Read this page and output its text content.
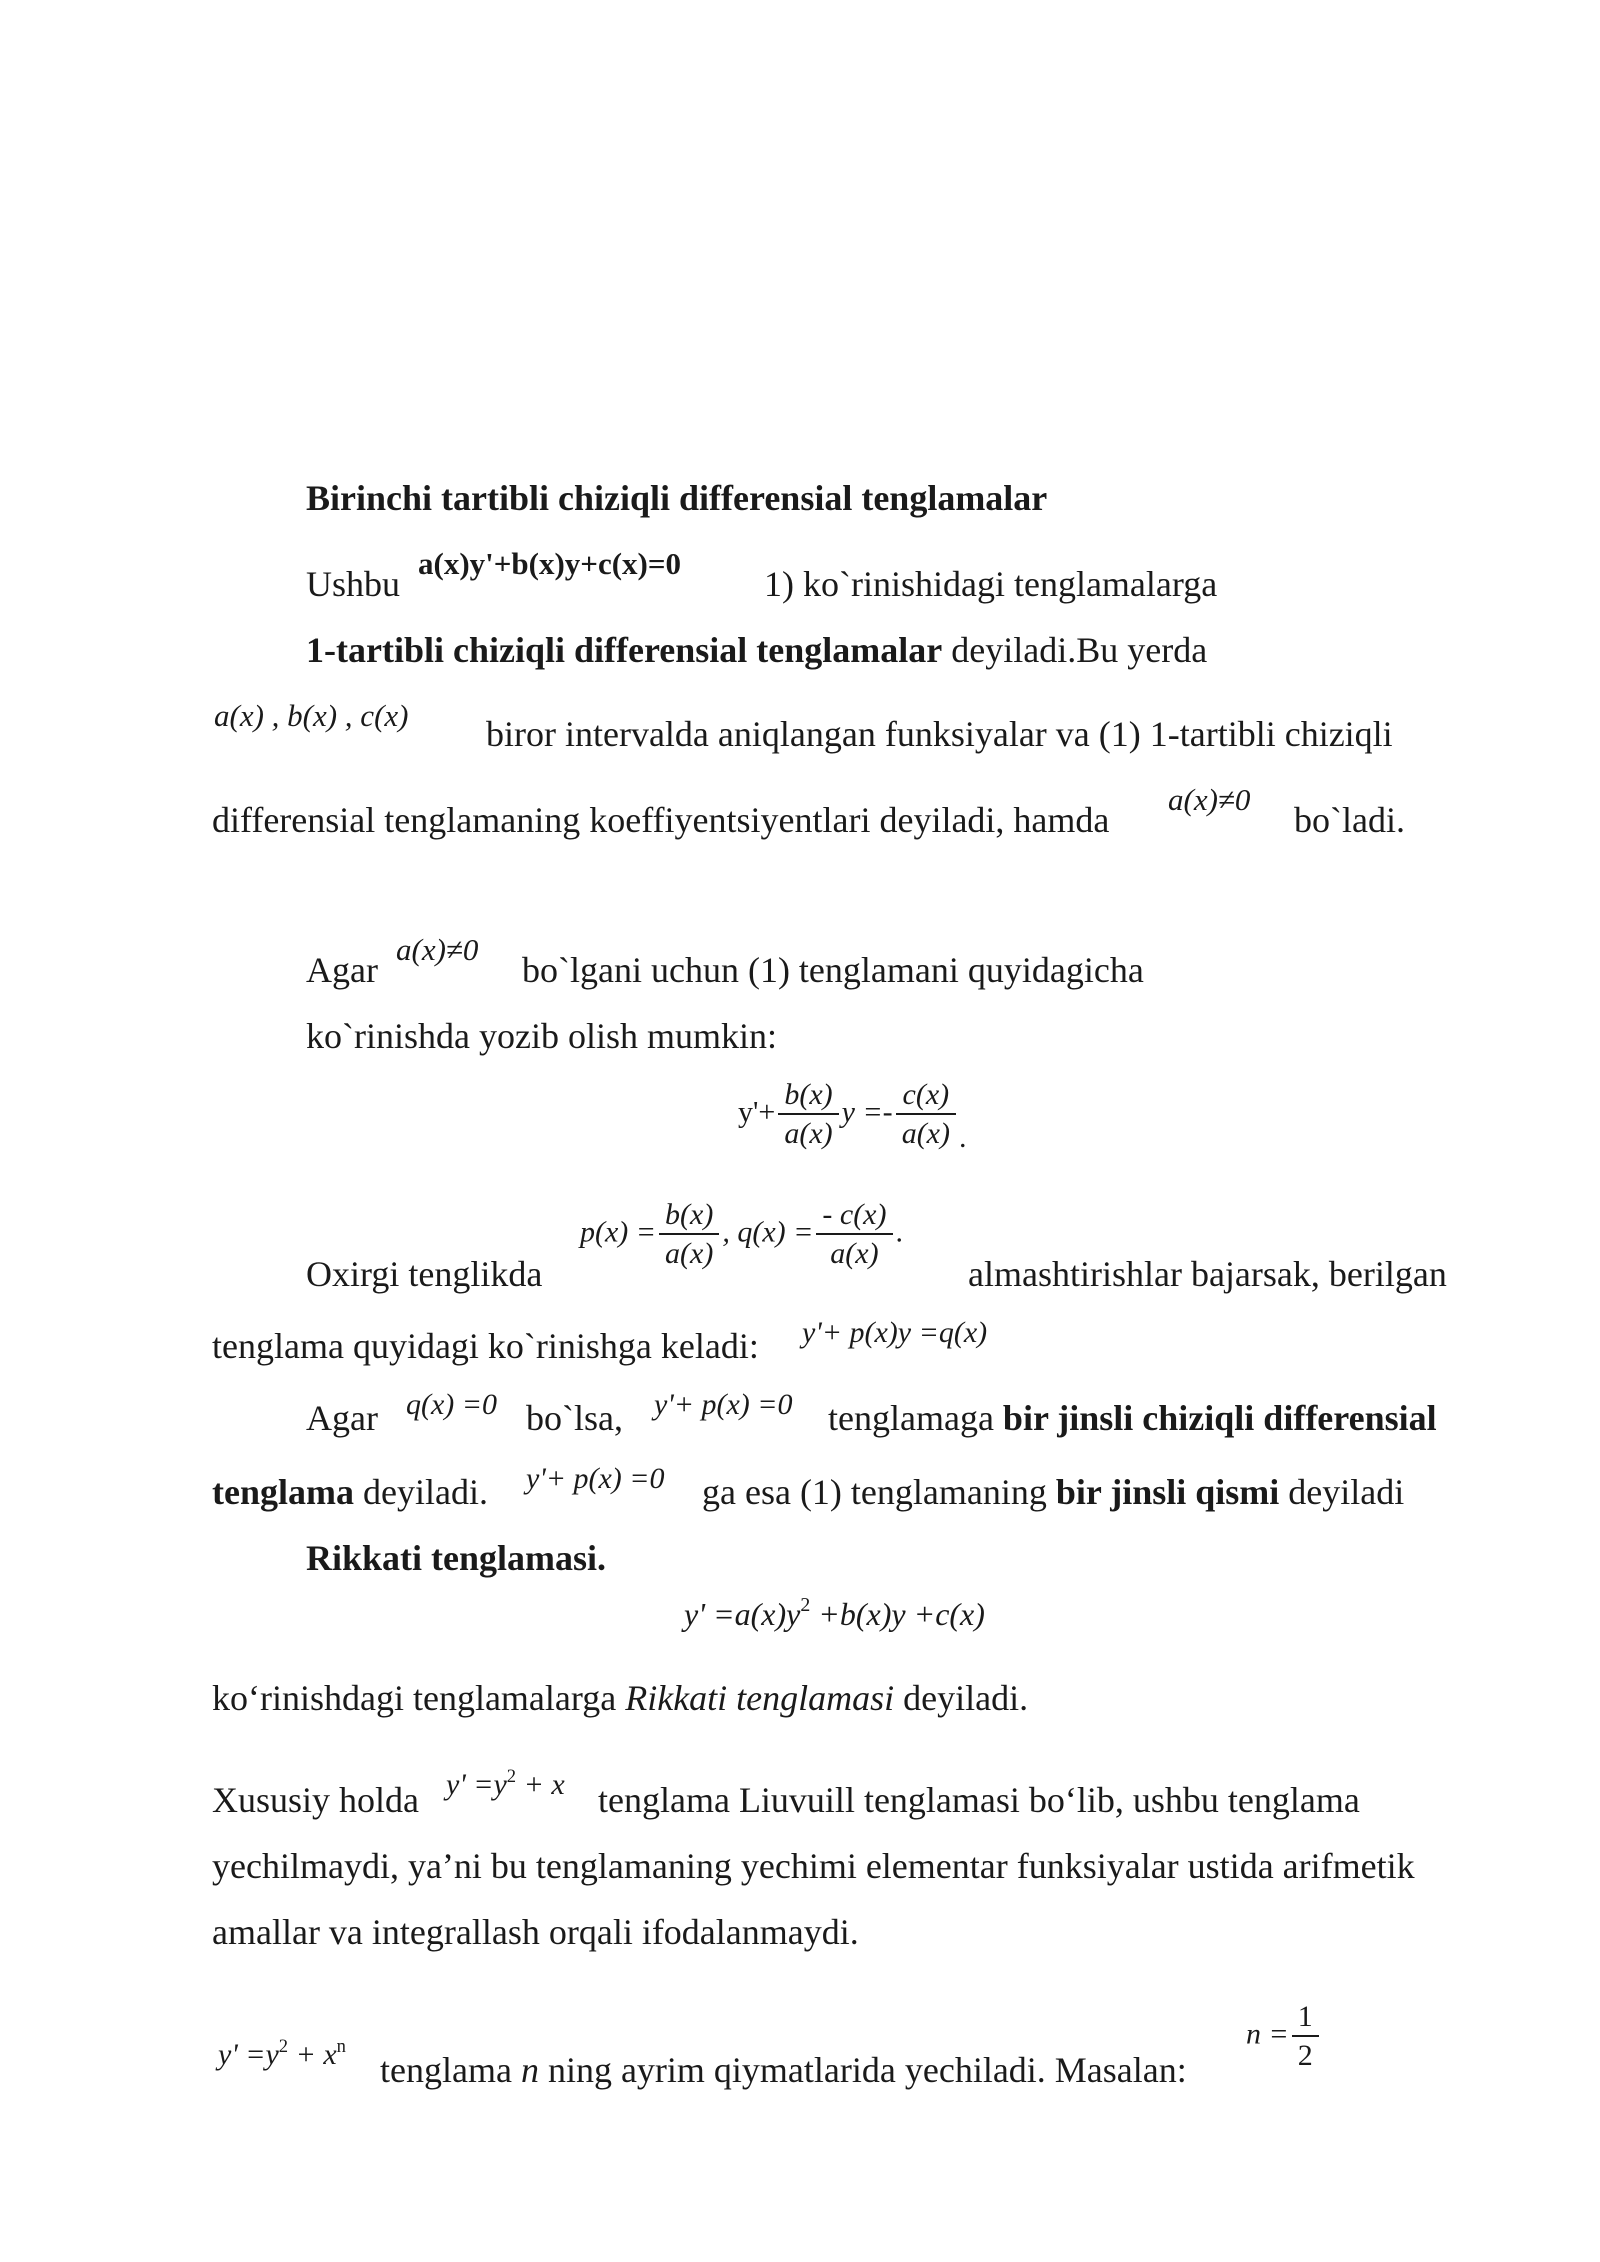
Birinchi tartibli chiziqli differensial tenglamalar
Ushbu
a(x)y'+b(x)y+c(x)=0
1) ko`rinishidagi tenglamalarga
1-tartibli chiziqli differensial tenglamalar deyiladi.Bu yerda
a(x) , b(x) , c(x) biror intervalda aniqlangan funksiyalar va (1) 1-tartibli chiziqli
differensial tenglamaning koeffiyentsiyentlari deyiladi, hamda
a(x)≠0
bo`ladi.
Agar
a(x)≠0
bo`lgani uchun (1) tenglamani quyidagicha
ko`rinishda yozib olish mumkin:
$y'+ \frac{b(x)}{a(x)}$ $y =- \frac{c(x)}{a(x)}$ .
Oxirgi tenglikda
$p(x) = \frac{b(x)}{a(x)}$ , $q(x) = \frac{- c(x)}{a(x)}$ .
almashtirishlar bajarsak, berilgan
tenglama quyidagi ko`rinishga keladi: y'+ p(x)y =q(x)
Agar q(x) =0 bo`lsa, y'+ p(x) =0 tenglamaga bir jinsli chiziqli differensial
tenglama deyiladi. y'+ p(x) =0 ga esa (1) tenglamaning bir jinsli qismi deyiladi
Rikkati tenglamasi.
$y' =a(x)y^2 +b(x)y +c(x)$
ko‘rinishdagi tenglamalarga Rikkati tenglamasi deyiladi.
Xususiy holda $y' =y^2 + x$ tenglama Liuvuill tenglamasi bo‘lib, ushbu tenglama
yechilmaydi, ya’ni bu tenglamaning yechimi elementar funksiyalar ustida arifmetik
amallar va integrallash orqali ifodalanmaydi.
$y' =y^2 + x^n$
tenglama n ning ayrim qiymatlarida yechiladi. Masalan:
$n = \frac{1}{2}$
